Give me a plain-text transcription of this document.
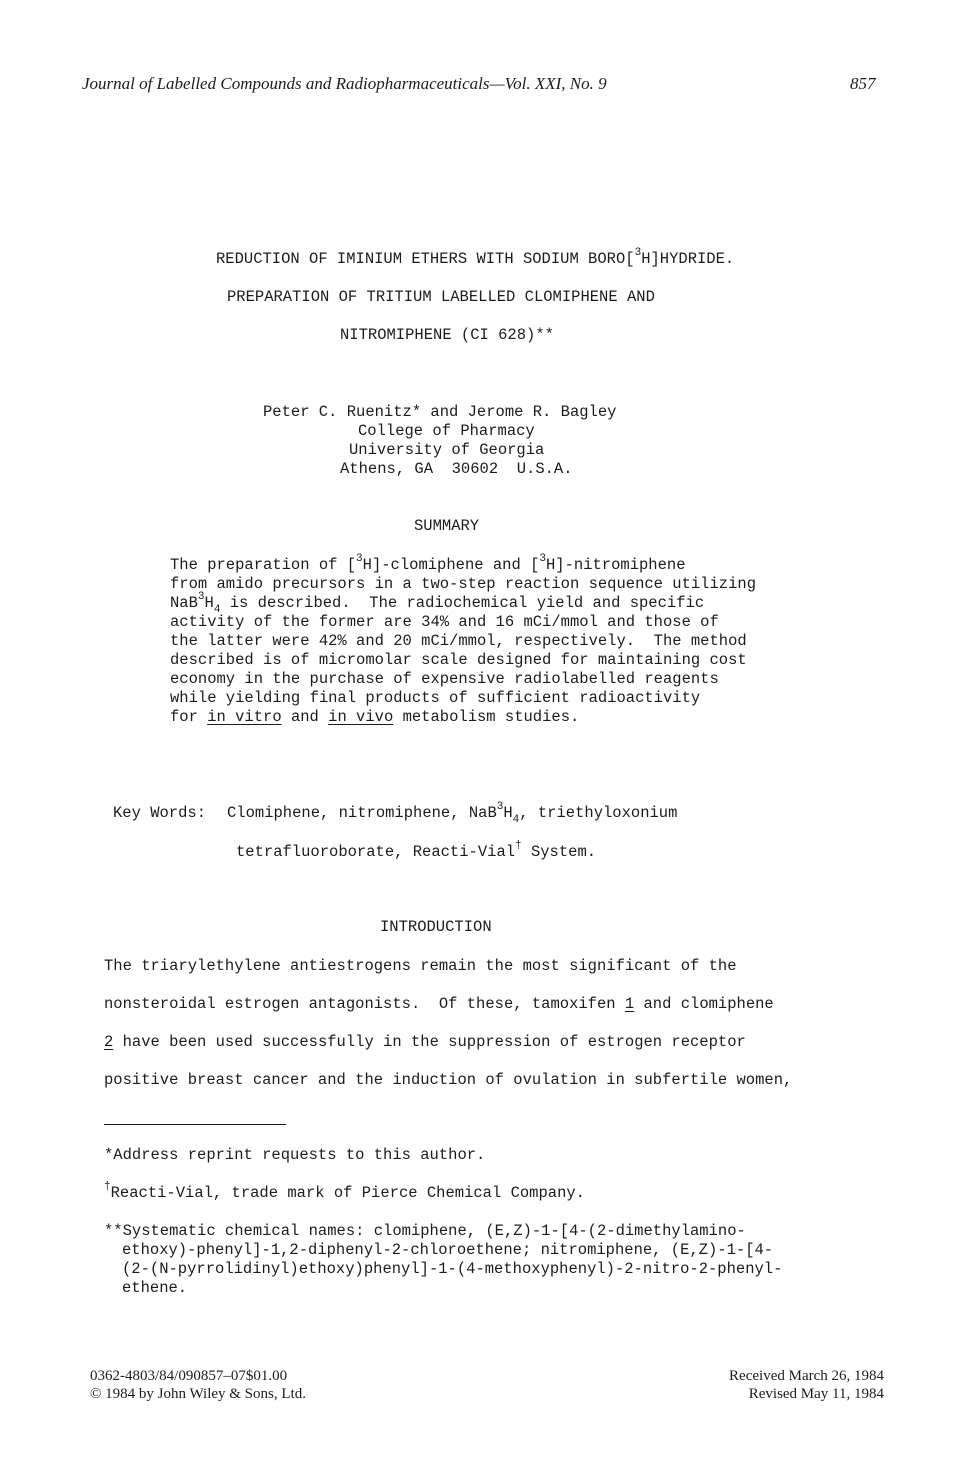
Journal of Labelled Compounds and Radiopharmaceuticals—Vol. XXI, No. 9	857
REDUCTION OF IMINIUM ETHERS WITH SODIUM BORO[$^3$H]HYDRIDE.
PREPARATION OF TRITIUM LABELLED CLOMIPHENE AND
NITROMIPHENE (CI 628)**
Peter C. Ruenitz* and Jerome R. Bagley
College of Pharmacy
University of Georgia
Athens, GA  30602  U.S.A.
SUMMARY
The preparation of [$^3$H]-clomiphene and [$^3$H]-nitromiphene
from amido precursors in a two-step reaction sequence utilizing
$NaB^3H_4$ is described.  The radiochemical yield and specific
activity of the former are 34% and 16 mCi/mmol and those of
the latter were 42% and 20 mCi/mmol, respectively.  The method
described is of micromolar scale designed for maintaining cost
economy in the purchase of expensive radiolabelled reagents
while yielding final products of sufficient radioactivity
for in vitro and in vivo metabolism studies.
Key Words: Clomiphene, nitromiphene, $NaB^3H_4$, triethyloxonium
tetrafluoroborate, Reacti-Vial† System.
INTRODUCTION
The triarylethylene antiestrogens remain the most significant of the
nonsteroidal estrogen antagonists.  Of these, tamoxifen 1 and clomiphene
2 have been used successfully in the suppression of estrogen receptor
positive breast cancer and the induction of ovulation in subfertile women,
*Address reprint requests to this author.
†Reacti-Vial, trade mark of Pierce Chemical Company.
**Systematic chemical names: clomiphene, (E,Z)-1-[4-(2-dimethylamino-
ethoxy)-phenyl]-1,2-diphenyl-2-chloroethene; nitromiphene, (E,Z)-1-[4-
(2-(N-pyrrolidinyl)ethoxy)phenyl]-1-(4-methoxyphenyl)-2-nitro-2-phenyl-
ethene.
0362-4803/84/090857–07$01.00
© 1984 by John Wiley & Sons, Ltd.
Received March 26, 1984
Revised May 11, 1984
